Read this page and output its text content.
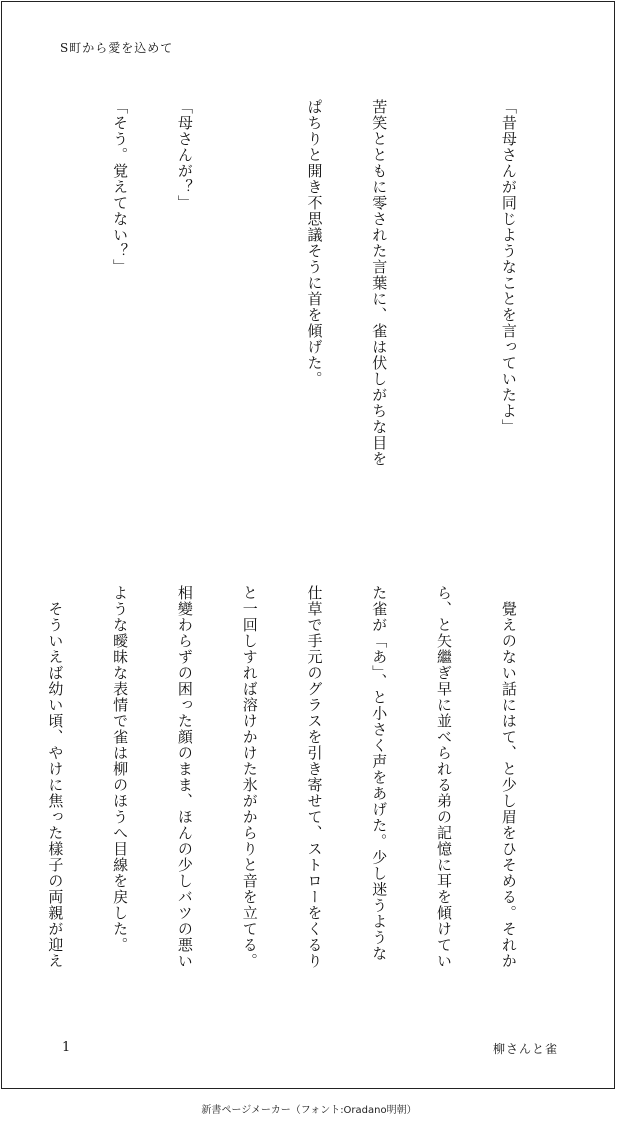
S町から愛を込めて

「昔母さんが同じようなことを言っていたよ」

苦笑とともに零された言葉に、雀は伏しがちな目を

ぱちりと開き不思議そうに首を傾げた。

「母さんが？」

「そう。覚えてない？」

　覺えのない話にはて、と少し眉をひそめる。それか

ら、と矢繼ぎ早に並べられる弟の記憶に耳を傾けてい

た雀が「あ」、と小さく声をあげた。少し迷うような

仕草で手元のグラスを引き寄せて、ストローをくるり

と一回しすれば溶けかけた氷がからりと音を立てる。

相變わらずの困った顔のまま、ほんの少しバツの悪い

ような曖昧な表情で雀は柳のほうへ目線を戻した。

　そういえば幼い頃、やけに焦った樣子の両親が迎え

1	柳さんと雀
新書ページメーカー（フォント:Oradano明朝）
